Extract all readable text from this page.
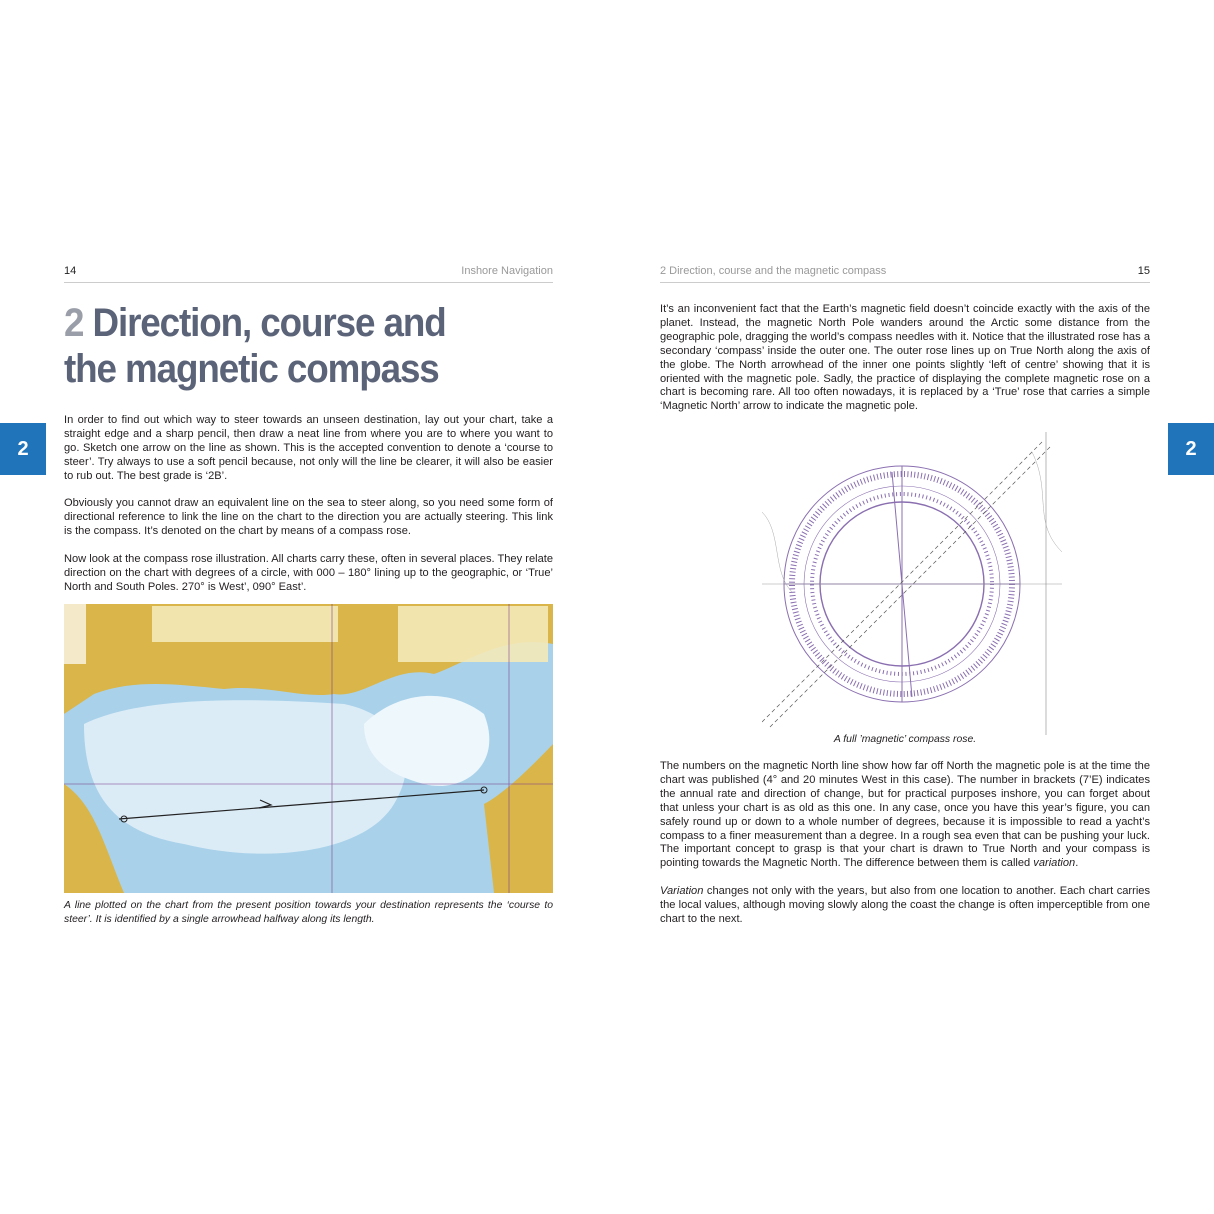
14	Inshore Navigation
2 Direction, course and
the magnetic compass
2

In order to find out which way to steer towards an unseen destination, lay out your chart, take a straight edge and a sharp pencil, then draw a neat line from where you are to where you want to go. Sketch one arrow on the line as shown. This is the accepted convention to denote a ‘course to steer’. Try always to use a soft pencil because, not only will the line be clearer, it will also be easier to rub out. The best grade is ‘2B’.

Obviously you cannot draw an equivalent line on the sea to steer along, so you need some form of directional reference to link the line on the chart to the direction you are actually steering. This link is the compass. It’s denoted on the chart by means of a compass rose.

Now look at the compass rose illustration. All charts carry these, often in several places. They relate direction on the chart with degrees of a circle, with 000 – 180° lining up to the geographic, or ‘True’ North and South Poles. 270° is West’, 090° East’.

A line plotted on the chart from the present position towards your destination represents the ‘course to steer’. It is identified by a single arrowhead halfway along its length.

2 Direction, course and the magnetic compass	15
2

It’s an inconvenient fact that the Earth’s magnetic field doesn’t coincide exactly with the axis of the planet. Instead, the magnetic North Pole wanders around the Arctic some distance from the geographic pole, dragging the world’s compass needles with it. Notice that the illustrated rose has a secondary ‘compass’ inside the outer one. The outer rose lines up on True North along the axis of the globe. The North arrowhead of the inner one points slightly ‘left of centre’ showing that it is oriented with the magnetic pole. Sadly, the practice of displaying the complete magnetic rose on a chart is becoming rare. All too often nowadays, it is replaced by a ‘True’ rose that carries a simple ‘Magnetic North’ arrow to indicate the magnetic pole.

A full ’magnetic’ compass rose.

The numbers on the magnetic North line show how far off North the magnetic pole is at the time the chart was published (4° and 20 minutes West in this case). The number in brackets (7’E) indicates the annual rate and direction of change, but for practical purposes inshore, you can forget about that unless your chart is as old as this one. In any case, once you have this year’s figure, you can safely round up or down to a whole number of degrees, because it is impossible to read a yacht’s compass to a finer measurement than a degree. In a rough sea even that can be pushing your luck. The important concept to grasp is that your chart is drawn to True North and your compass is pointing towards the Magnetic North. The difference between them is called variation.

Variation changes not only with the years, but also from one location to another. Each chart carries the local values, although moving slowly along the coast the change is often imperceptible from one chart to the next.
